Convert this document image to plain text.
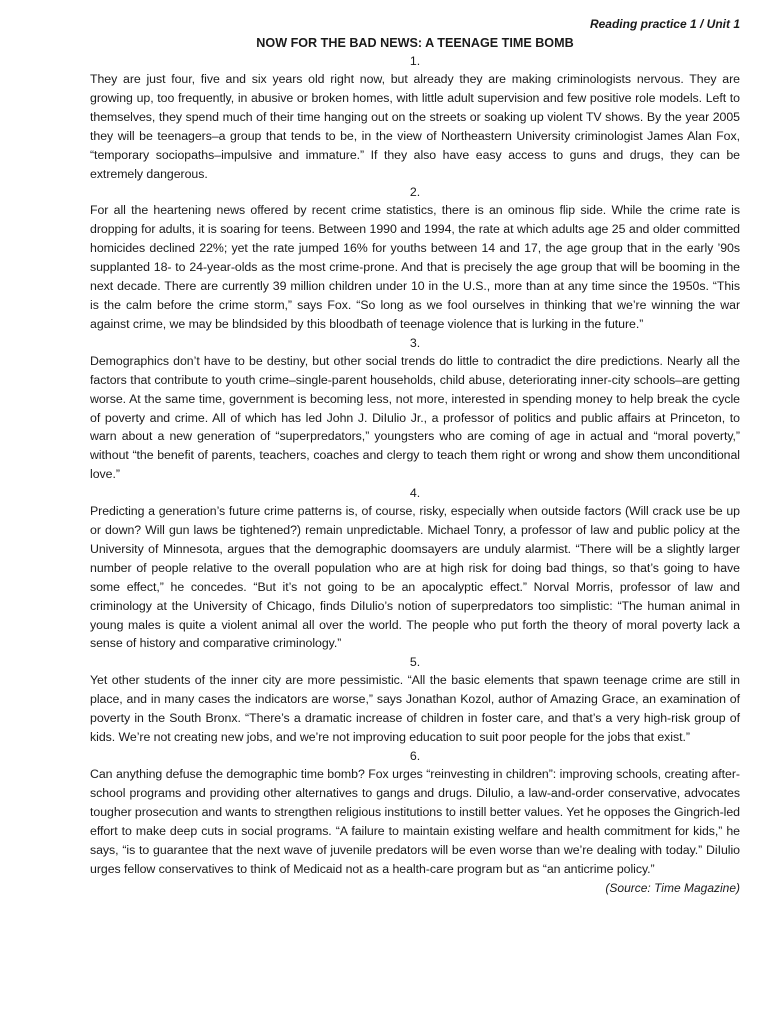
Reading practice 1 / Unit 1
NOW FOR THE BAD NEWS: A TEENAGE TIME BOMB
1.

They are just four, five and six years old right now, but already they are making criminologists nervous. They are growing up, too frequently, in abusive or broken homes, with little adult supervision and few positive role models. Left to themselves, they spend much of their time hanging out on the streets or soaking up violent TV shows. By the year 2005 they will be teenagers–a group that tends to be, in the view of Northeastern University criminologist James Alan Fox, “temporary sociopaths–impulsive and immature.” If they also have easy access to guns and drugs, they can be extremely dangerous.

2.

For all the heartening news offered by recent crime statistics, there is an ominous flip side. While the crime rate is dropping for adults, it is soaring for teens. Between 1990 and 1994, the rate at which adults age 25 and older committed homicides declined 22%; yet the rate jumped 16% for youths between 14 and 17, the age group that in the early ’90s supplanted 18- to 24-year-olds as the most crime-prone. And that is precisely the age group that will be booming in the next decade. There are currently 39 million children under 10 in the U.S., more than at any time since the 1950s. “This is the calm before the crime storm,” says Fox. “So long as we fool ourselves in thinking that we’re winning the war against crime, we may be blindsided by this bloodbath of teenage violence that is lurking in the future.”

3.

Demographics don’t have to be destiny, but other social trends do little to contradict the dire predictions. Nearly all the factors that contribute to youth crime–single-parent households, child abuse, deteriorating inner-city schools–are getting worse. At the same time, government is becoming less, not more, interested in spending money to help break the cycle of poverty and crime. All of which has led John J. DiIulio Jr., a professor of politics and public affairs at Princeton, to warn about a new generation of “superpredators,” youngsters who are coming of age in actual and “moral poverty,” without “the benefit of parents, teachers, coaches and clergy to teach them right or wrong and show them unconditional love.”

4.

Predicting a generation’s future crime patterns is, of course, risky, especially when outside factors (Will crack use be up or down? Will gun laws be tightened?) remain unpredictable. Michael Tonry, a professor of law and public policy at the University of Minnesota, argues that the demographic doomsayers are unduly alarmist. “There will be a slightly larger number of people relative to the overall population who are at high risk for doing bad things, so that’s going to have some effect,” he concedes. “But it’s not going to be an apocalyptic effect.” Norval Morris, professor of law and criminology at the University of Chicago, finds DiIulio’s notion of superpredators too simplistic: “The human animal in young males is quite a violent animal all over the world. The people who put forth the theory of moral poverty lack a sense of history and comparative criminology.”

5.

Yet other students of the inner city are more pessimistic. “All the basic elements that spawn teenage crime are still in place, and in many cases the indicators are worse,” says Jonathan Kozol, author of Amazing Grace, an examination of poverty in the South Bronx. “There’s a dramatic increase of children in foster care, and that’s a very high-risk group of kids. We’re not creating new jobs, and we’re not improving education to suit poor people for the jobs that exist.”

6.

Can anything defuse the demographic time bomb? Fox urges “reinvesting in children”: improving schools, creating after-school programs and providing other alternatives to gangs and drugs. DiIulio, a law-and-order conservative, advocates tougher prosecution and wants to strengthen religious institutions to instill better values. Yet he opposes the Gingrich-led effort to make deep cuts in social programs. “A failure to maintain existing welfare and health commitment for kids,” he says, “is to guarantee that the next wave of juvenile predators will be even worse than we’re dealing with today.” DiIulio urges fellow conservatives to think of Medicaid not as a health-care program but as “an anticrime policy.”

(Source: Time Magazine)
